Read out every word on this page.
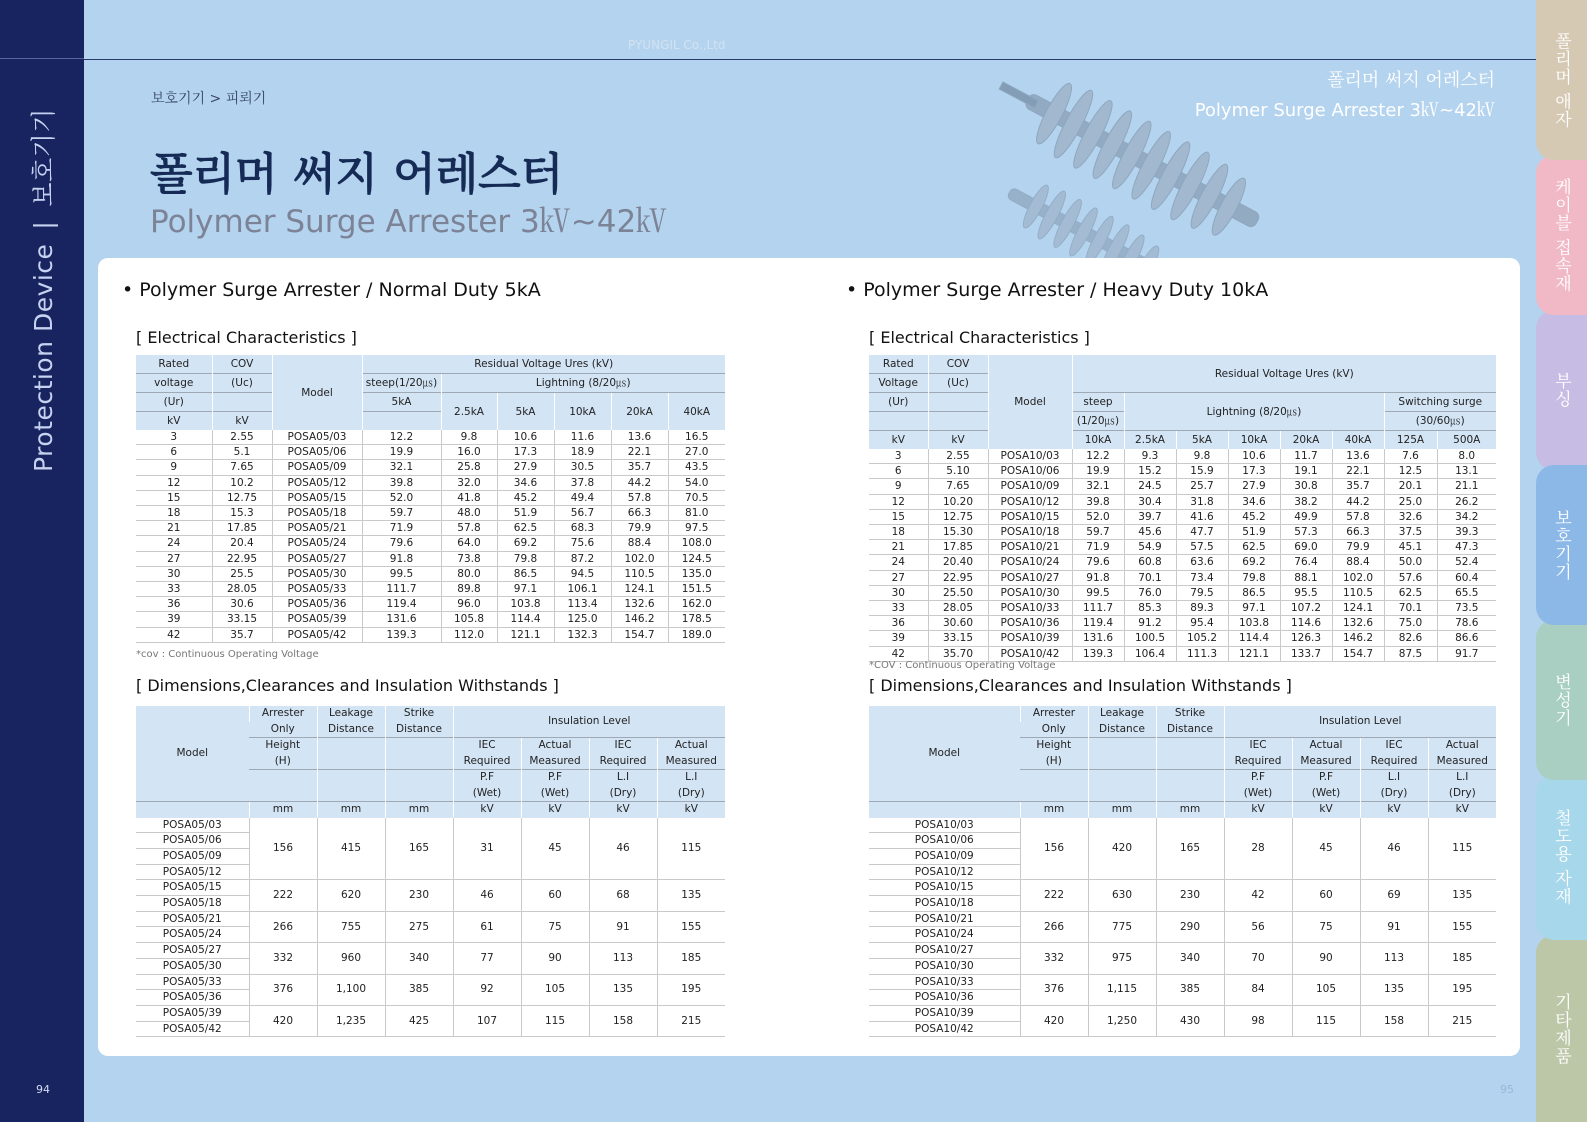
Protection Device|보호기기
94
PYUNGIL Co.,Ltd
보호기기 > 피뢰기
폴리머 써지 어레스터
Polymer Surge Arrester 3㎸~42㎸
폴리머 써지 어레스터
Polymer Surge Arrester 3㎸~42㎸	폴리머 애자
케이블 접속재
부싱
보호기기
변성기
철도용 자재
기타제품
95
• Polymer Surge Arrester / Normal Duty 5kA
[ Electrical Characteristics ]
Rated	COV	Model	Residual Voltage Ures (kV)					
voltage	(Uc)		steep(1/20㎲)	Lightning (8/20㎲)				
(Ur)			5kA	2.5kA	5kA	10kA	20kA	40kA
kV	kV							
3	2.55	POSA05/03	12.2	9.8	10.6	11.6	13.6	16.5
6	5.1	POSA05/06	19.9	16.0	17.3	18.9	22.1	27.0
9	7.65	POSA05/09	32.1	25.8	27.9	30.5	35.7	43.5
12	10.2	POSA05/12	39.8	32.0	34.6	37.8	44.2	54.0
15	12.75	POSA05/15	52.0	41.8	45.2	49.4	57.8	70.5
18	15.3	POSA05/18	59.7	48.0	51.9	56.7	66.3	81.0
21	17.85	POSA05/21	71.9	57.8	62.5	68.3	79.9	97.5
24	20.4	POSA05/24	79.6	64.0	69.2	75.6	88.4	108.0
27	22.95	POSA05/27	91.8	73.8	79.8	87.2	102.0	124.5
30	25.5	POSA05/30	99.5	80.0	86.5	94.5	110.5	135.0
33	28.05	POSA05/33	111.7	89.8	97.1	106.1	124.1	151.5
36	30.6	POSA05/36	119.4	96.0	103.8	113.4	132.6	162.0
39	33.15	POSA05/39	131.6	105.8	114.4	125.0	146.2	178.5
42	35.7	POSA05/42	139.3	112.0	121.1	132.3	154.7	189.0
*cov : Continuous Operating Voltage
[ Dimensions,Clearances and Insulation Withstands ]
Model	Arrester	Leakage	Strike	Insulation Level			
	Only	Distance	Distance				
	Height			IEC	Actual	IEC	Actual
	(H)			Required	Measured	Required	Measured
				P.F	P.F	L.I	L.I
				(Wet)	(Wet)	(Dry)	(Dry)
	mm	mm	mm	kV	kV	kV	kV
POSA05/03	156	415	165	31	45	46	115
POSA05/06							
POSA05/09							
POSA05/12							
POSA05/15	222	620	230	46	60	68	135
POSA05/18							
POSA05/21	266	755	275	61	75	91	155
POSA05/24							
POSA05/27	332	960	340	77	90	113	185
POSA05/30							
POSA05/33	376	1,100	385	92	105	135	195
POSA05/36							
POSA05/39	420	1,235	425	107	115	158	215
POSA05/42							
• Polymer Surge Arrester / Heavy Duty 10kA
[ Electrical Characteristics ]
Rated	COV	Model	Residual Voltage Ures (kV)							
Voltage	(Uc)									
(Ur)			steep	Lightning (8/20㎲)					Switching surge	
			(1/20㎲)						(30/60㎲)	
kV	kV		10kA	2.5kA	5kA	10kA	20kA	40kA	125A	500A
3	2.55	POSA10/03	12.2	9.3	9.8	10.6	11.7	13.6	7.6	8.0
6	5.10	POSA10/06	19.9	15.2	15.9	17.3	19.1	22.1	12.5	13.1
9	7.65	POSA10/09	32.1	24.5	25.7	27.9	30.8	35.7	20.1	21.1
12	10.20	POSA10/12	39.8	30.4	31.8	34.6	38.2	44.2	25.0	26.2
15	12.75	POSA10/15	52.0	39.7	41.6	45.2	49.9	57.8	32.6	34.2
18	15.30	POSA10/18	59.7	45.6	47.7	51.9	57.3	66.3	37.5	39.3
21	17.85	POSA10/21	71.9	54.9	57.5	62.5	69.0	79.9	45.1	47.3
24	20.40	POSA10/24	79.6	60.8	63.6	69.2	76.4	88.4	50.0	52.4
27	22.95	POSA10/27	91.8	70.1	73.4	79.8	88.1	102.0	57.6	60.4
30	25.50	POSA10/30	99.5	76.0	79.5	86.5	95.5	110.5	62.5	65.5
33	28.05	POSA10/33	111.7	85.3	89.3	97.1	107.2	124.1	70.1	73.5
36	30.60	POSA10/36	119.4	91.2	95.4	103.8	114.6	132.6	75.0	78.6
39	33.15	POSA10/39	131.6	100.5	105.2	114.4	126.3	146.2	82.6	86.6
42	35.70	POSA10/42	139.3	106.4	111.3	121.1	133.7	154.7	87.5	91.7
*COV : Continuous Operating Voltage
[ Dimensions,Clearances and Insulation Withstands ]
Model	Arrester	Leakage	Strike	Insulation Level			
	Only	Distance	Distance				
	Height			IEC	Actual	IEC	Actual
	(H)			Required	Measured	Required	Measured
				P.F	P.F	L.I	L.I
				(Wet)	(Wet)	(Dry)	(Dry)
	mm	mm	mm	kV	kV	kV	kV
POSA10/03	156	420	165	28	45	46	115
POSA10/06							
POSA10/09							
POSA10/12							
POSA10/15	222	630	230	42	60	69	135
POSA10/18							
POSA10/21	266	775	290	56	75	91	155
POSA10/24							
POSA10/27	332	975	340	70	90	113	185
POSA10/30							
POSA10/33	376	1,115	385	84	105	135	195
POSA10/36							
POSA10/39	420	1,250	430	98	115	158	215
POSA10/42							
